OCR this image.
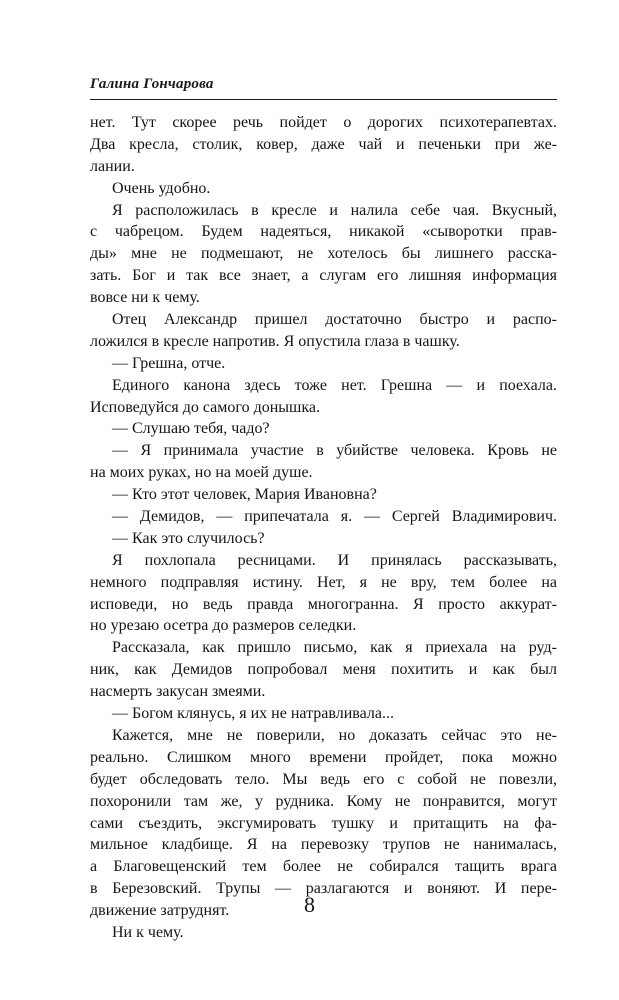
Галина Гончарова
нет. Тут скорее речь пойдет о дорогих психотерапевтах.
Два кресла, столик, ковер, даже чай и печеньки при же-
лании.
Очень удобно.
Я расположилась в кресле и налила себе чая. Вкусный,
с чабрецом. Будем надеяться, никакой «сыворотки прав-
ды» мне не подмешают, не хотелось бы лишнего расска-
зать. Бог и так все знает, а слугам его лишняя информация
вовсе ни к чему.
Отец Александр пришел достаточно быстро и распо-
ложился в кресле напротив. Я опустила глаза в чашку.
— Грешна, отче.
Единого канона здесь тоже нет. Грешна — и поехала.
Исповедуйся до самого донышка.
— Слушаю тебя, чадо?
— Я принимала участие в убийстве человека. Кровь не
на моих руках, но на моей душе.
— Кто этот человек, Мария Ивановна?
— Демидов, — припечатала я. — Сергей Владимирович.
— Как это случилось?
Я похлопала ресницами. И принялась рассказывать,
немного подправляя истину. Нет, я не вру, тем более на
исповеди, но ведь правда многогранна. Я просто аккурат-
но урезаю осетра до размеров селедки.
Рассказала, как пришло письмо, как я приехала на руд-
ник, как Демидов попробовал меня похитить и как был
насмерть закусан змеями.
— Богом клянусь, я их не натравливала...
Кажется, мне не поверили, но доказать сейчас это не-
реально. Слишком много времени пройдет, пока можно
будет обследовать тело. Мы ведь его с собой не повезли,
похоронили там же, у рудника. Кому не понравится, могут
сами съездить, эксгумировать тушку и притащить на фа-
мильное кладбище. Я на перевозку трупов не нанималась,
а Благовещенский тем более не собирался тащить врага
в Березовский. Трупы — разлагаются и воняют. И пере-
движение затруднят.
Ни к чему.
8
